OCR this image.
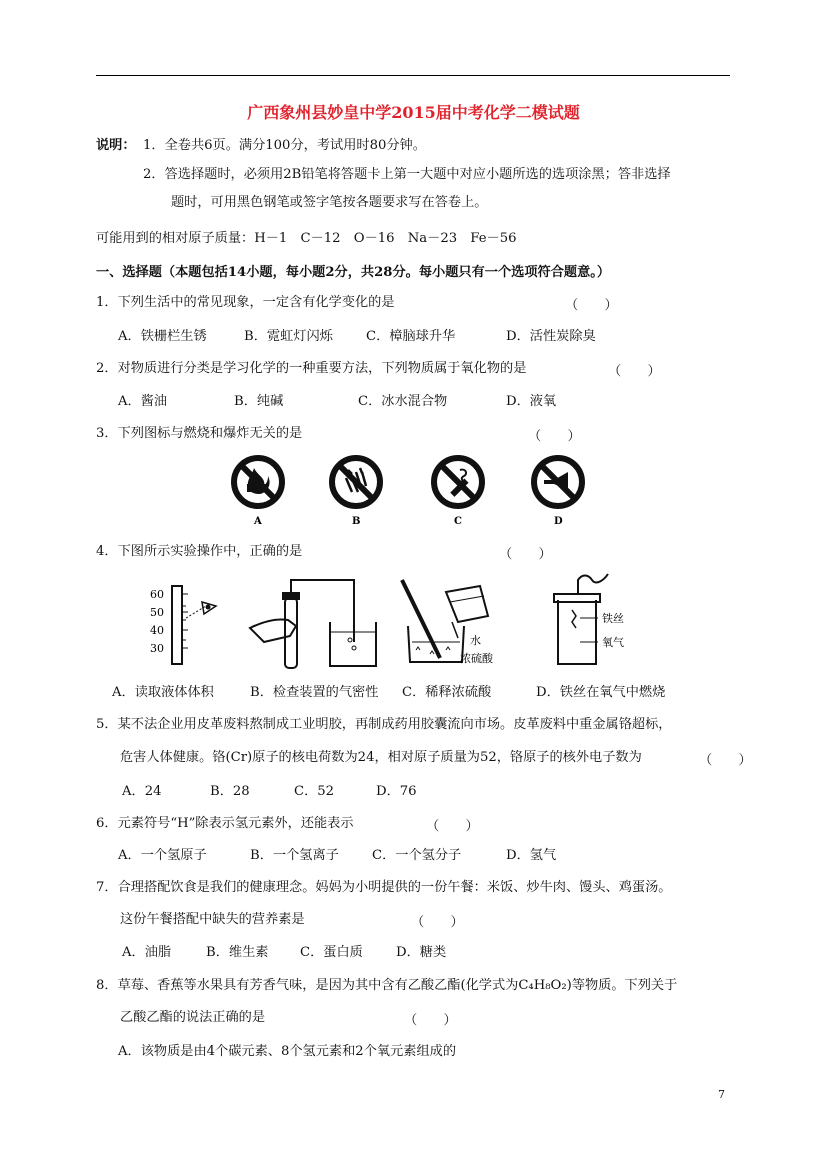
广西象州县妙皇中学2015届中考化学二模试题
说明： 1．全卷共6页。满分100分，考试用时80分钟。
2．答选择题时，必须用2B铅笔将答题卡上第一大题中对应小题所选的选项涂黑；答非选择
题时，可用黑色钢笔或签字笔按各题要求写在答卷上。
可能用到的相对原子质量：H－1　C－12　O－16　Na－23　Fe－56
一、选择题（本题包括14小题，每小题2分，共28分。每小题只有一个选项符合题意。）
1．下列生活中的常见现象，一定含有化学变化的是	（　　）
A．铁栅栏生锈	B．霓虹灯闪烁	C．樟脑球升华	D．活性炭除臭
2．对物质进行分类是学习化学的一种重要方法，下列物质属于氧化物的是	（　　）
A．酱油	B．纯碱	C．冰水混合物	D．液氧
3．下列图标与燃烧和爆炸无关的是	（　　）
A	B	C	D
4．下图所示实验操作中，正确的是	（　　）
60
50
40
30
水
浓硫酸
铁丝
氧气
A．读取液体体积	B．检查装置的气密性 C．稀释浓硫酸	D．铁丝在氧气中燃烧
5．某不法企业用皮革废料熬制成工业明胶，再制成药用胶囊流向市场。皮革废料中重金属铬超标，
危害人体健康。铬(Cr)原子的核电荷数为24，相对原子质量为52，铬原子的核外电子数为	（　　）
A．24	B．28	C．52	D．76
6．元素符号“H”除表示氢元素外，还能表示	（　　）
A．一个氢原子	B．一个氢离子	C．一个氢分子	D．氢气
7．合理搭配饮食是我们的健康理念。妈妈为小明提供的一份午餐：米饭、炒牛肉、馒头、鸡蛋汤。
这份午餐搭配中缺失的营养素是	（　　）
A．油脂	B．维生素 C．蛋白质	D．糖类
8．草莓、香蕉等水果具有芳香气味，是因为其中含有乙酸乙酯(化学式为C₄H₈O₂)等物质。下列关于
乙酸乙酯的说法正确的是	（　　）
A．该物质是由4个碳元素、8个氢元素和2个氧元素组成的
7
